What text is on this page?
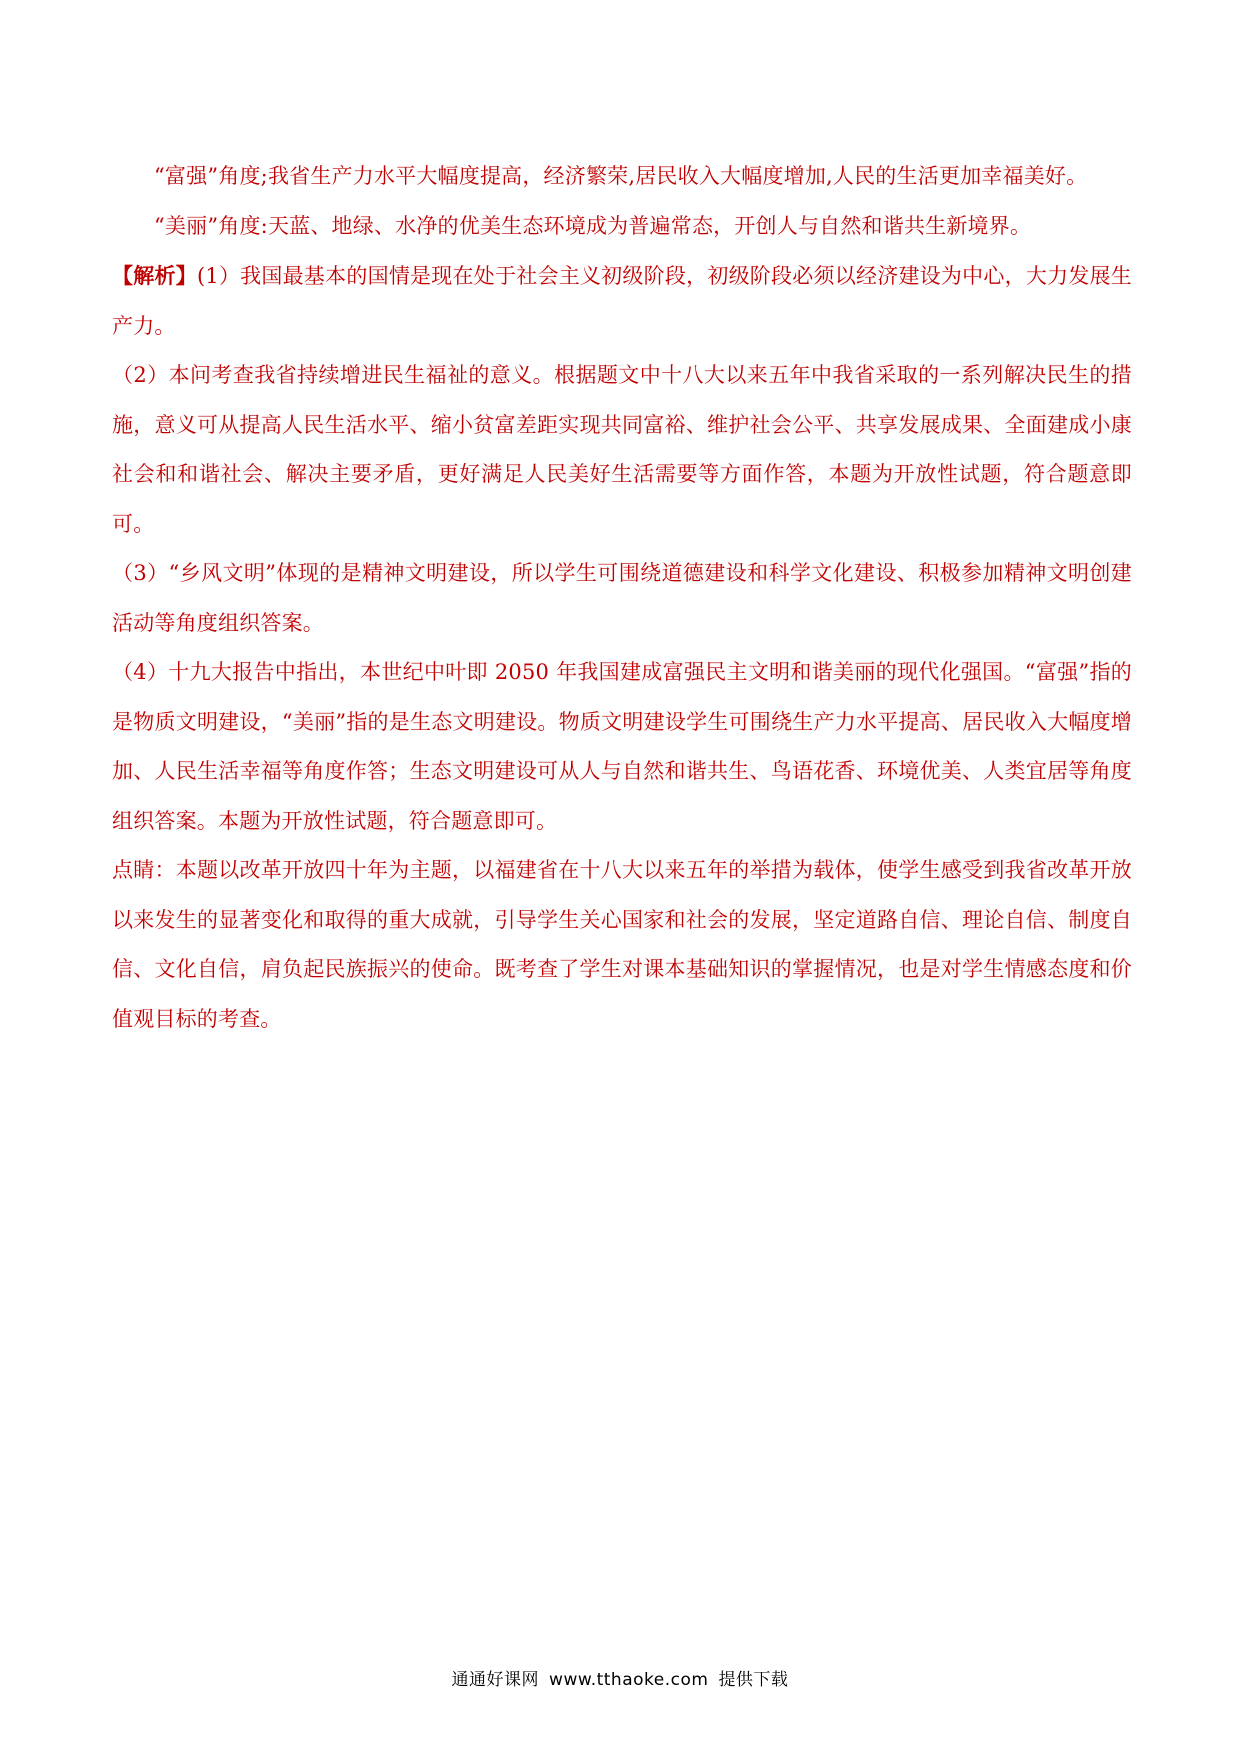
“富强”角度;我省生产力水平大幅度提高，经济繁荣,居民收入大幅度增加,人民的生活更加幸福美好。

“美丽”角度:天蓝、地绿、水净的优美生态环境成为普遍常态，开创人与自然和谐共生新境界。

【解析】(1）我国最基本的国情是现在处于社会主义初级阶段，初级阶段必须以经济建设为中心，大力发展生产力。

（2）本问考查我省持续增进民生福祉的意义。根据题文中十八大以来五年中我省采取的一系列解决民生的措施，意义可从提高人民生活水平、缩小贫富差距实现共同富裕、维护社会公平、共享发展成果、全面建成小康社会和和谐社会、解决主要矛盾，更好满足人民美好生活需要等方面作答，本题为开放性试题，符合题意即可。

（3）“乡风文明”体现的是精神文明建设，所以学生可围绕道德建设和科学文化建设、积极参加精神文明创建活动等角度组织答案。

（4）十九大报告中指出，本世纪中叶即 2050 年我国建成富强民主文明和谐美丽的现代化强国。“富强”指的是物质文明建设，“美丽”指的是生态文明建设。物质文明建设学生可围绕生产力水平提高、居民收入大幅度增加、人民生活幸福等角度作答；生态文明建设可从人与自然和谐共生、鸟语花香、环境优美、人类宜居等角度组织答案。本题为开放性试题，符合题意即可。

点睛：本题以改革开放四十年为主题，以福建省在十八大以来五年的举措为载体，使学生感受到我省改革开放以来发生的显著变化和取得的重大成就，引导学生关心国家和社会的发展，坚定道路自信、理论自信、制度自信、文化自信，肩负起民族振兴的使命。既考查了学生对课本基础知识的掌握情况，也是对学生情感态度和价值观目标的考查。

通通好课网 www.tthaoke.com 提供下载
